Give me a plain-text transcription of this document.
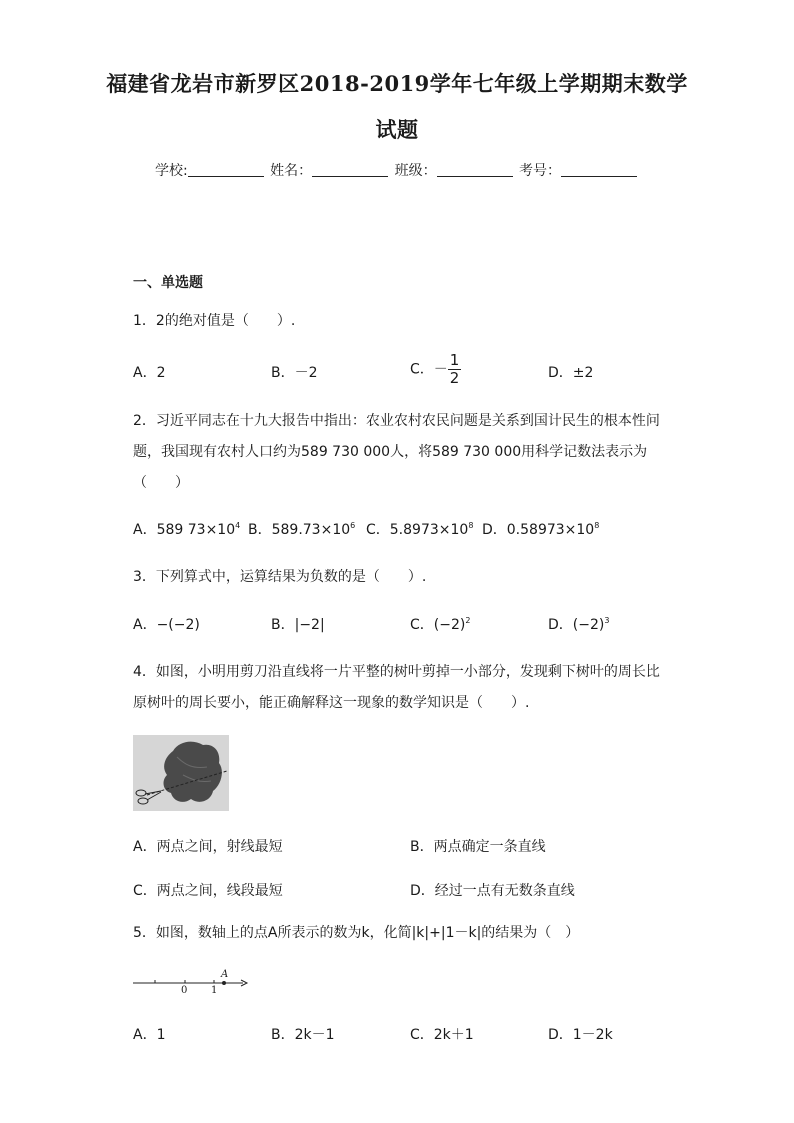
福建省龙岩市新罗区2018-2019学年七年级上学期期末数学
试题
学校:	姓名：	班级：	考号：
一、单选题
1．2的绝对值是（　　）.
A．2	B．－2	C．－ $\frac{1}{2}$	D．±2
2．习近平同志在十九大报告中指出：农业农村农民问题是关系到国计民生的根本性问题，我国现有农村人口约为589 730 000人，将589 730 000用科学记数法表示为（　　）
A．589 $73\times 10^4$ B．$589.73\times 10^6$ C．$5.8973\times 10^8$ D．$0.58973\times 10^8$
3．下列算式中，运算结果为负数的是（　　）.
A．−(−2)	B．|−2|	C．$(-2)^2$	D．$(-2)^3$
4．如图，小明用剪刀沿直线将一片平整的树叶剪掉一小部分，发现剩下树叶的周长比原树叶的周长要小，能正确解释这一现象的数学知识是（　　）.
A．两点之间，射线最短	B．两点确定一条直线
C．两点之间，线段最短	D．经过一点有无数条直线
5．如图，数轴上的点A所表示的数为k，化简|k|+|1－k|的结果为（　）
0 1
A
A．1	B．2k－1	C．2k＋1	D．1－2k
